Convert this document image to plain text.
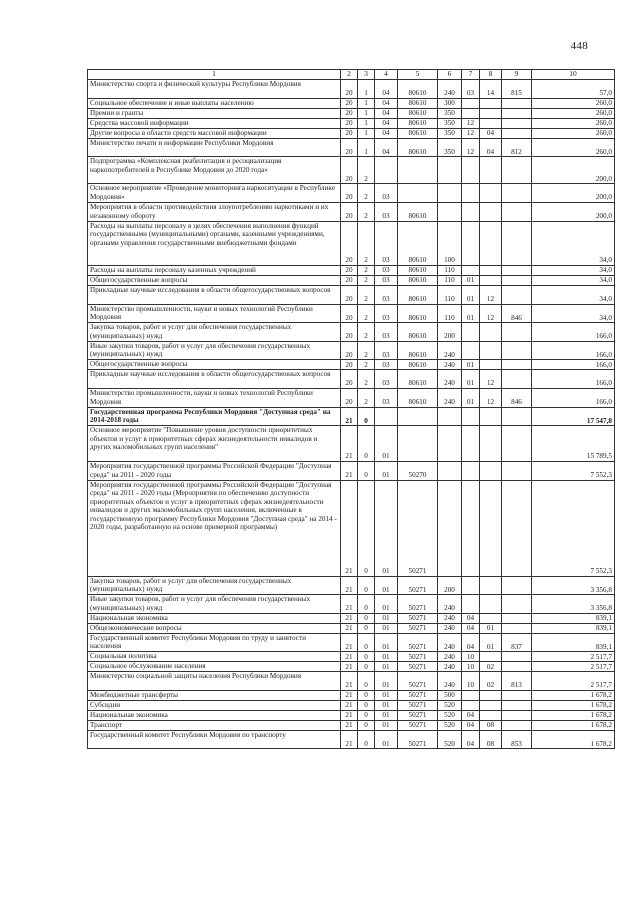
448
1	2	3	4	5	6	7	8	9	10
Министерство спорта и физической культуры Республики Мордовия	20	1	04	80610	240	03	14	815	57,0
Социальное обеспечение и иные выплаты населению	20	1	04	80610	300				260,0
Премии и гранты	20	1	04	80610	350				260,0
Средства массовой информации	20	1	04	80610	350	12			260,0
Другие вопросы в области средств массовой информации	20	1	04	80610	350	12	04		260,0
Министерство печати и информации Республики Мордовия	20	1	04	80610	350	12	04	812	260,0
Подпрограмма «Комплексная реабилитация и ресоциализация наркопотребителей в Республике Мордовия до 2020 года»	20	2							200,0
Основное мероприятие «Проведение мониторинга наркоситуации в Республике Мордовия»	20	2	03						200,0
Мероприятия в области противодействия злоупотреблению наркотиками и их незаконному обороту	20	2	03	80610					200,0
Расходы на выплаты персоналу в целях обеспечения выполнения функций государственными (муниципальными) органами, казенными учреждениями, органами управления государственными внебюджетными фондами	20	2	03	80610	100				34,0
Расходы на выплаты персоналу казенных учреждений	20	2	03	80610	110				34,0
Общегосударственные вопросы	20	2	03	80610	110	01			34,0
Прикладные научные исследования в области общегосударственных вопросов	20	2	03	80610	110	01	12		34,0
Министерство промышленности, науки и новых технологий Республики Мордовия	20	2	03	80610	110	01	12	846	34,0
Закупка товаров, работ и услуг для обеспечения государственных (муниципальных) нужд	20	2	03	80610	200				166,0
Иные закупки товаров, работ и услуг для обеспечения государственных (муниципальных) нужд	20	2	03	80610	240				166,0
Общегосударственные вопросы	20	2	03	80610	240	01			166,0
Прикладные научные исследования в области общегосударственных вопросов	20	2	03	80610	240	01	12		166,0
Министерство промышленности, науки и новых технологий Республики Мордовия	20	2	03	80610	240	01	12	846	166,0
Государственная программа Республики Мордовия "Доступная среда" на 2014-2018 годы	21	0							17 547,8
Основное мероприятие "Повышение уровня доступности приоритетных объектов и услуг в приоритетных сферах жизнедеятельности инвалидов и других маломобильных групп населения"	21	0	01						15 789,5
Мероприятия государственной программы Российской Федерации "Доступная среда" на 2011 - 2020 годы	21	0	01	50270					7 552,3
Мероприятия государственной программы Российской Федерации "Доступная среда" на 2011 - 2020 годы (Мероприятия по обеспечению доступности приоритетных объектов и услуг в приоритетных сферах жизнедеятельности инвалидов и других маломобильных групп населения, включенные в государственную программу Республики Мордовия "Доступная среда" на 2014 - 2020 годы, разработанную на основе примерной программы)	21	0	01	50271					7 552,3
Закупка товаров, работ и услуг для обеспечения государственных (муниципальных) нужд	21	0	01	50271	200				3 356,8
Иные закупки товаров, работ и услуг для обеспечения государственных (муниципальных) нужд	21	0	01	50271	240				3 356,8
Национальная экономика	21	0	01	50271	240	04			839,1
Общеэкономические вопросы	21	0	01	50271	240	04	01		839,1
Государственный комитет Республики Мордовия по труду и занятости населения	21	0	01	50271	240	04	01	837	839,1
Социальная политика	21	0	01	50271	240	10			2 517,7
Социальное обслуживание населения	21	0	01	50271	240	10	02		2 517,7
Министерство социальной защиты населения Республики Мордовия	21	0	01	50271	240	10	02	813	2 517,7
Межбюджетные трансферты	21	0	01	50271	500				1 678,2
Субсидии	21	0	01	50271	520				1 678,2
Национальная экономика	21	0	01	50271	520	04			1 678,2
Транспорт	21	0	01	50271	520	04	08		1 678,2
Государственный комитет Республики Мордовия по транспорту	21	0	01	50271	520	04	08	853	1 678,2
